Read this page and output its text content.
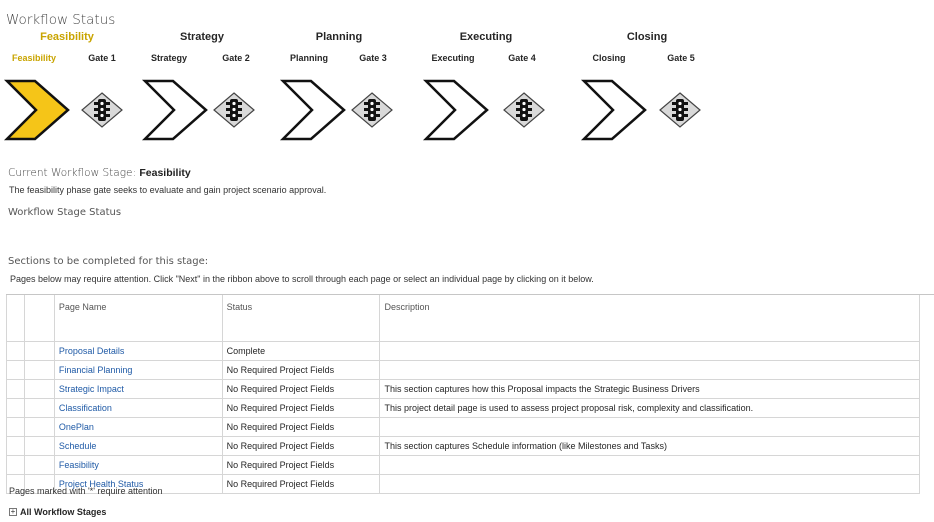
Workflow Status
Feasibility	Strategy	Planning	Executing	Closing
Feasibility	Gate 1	Strategy	Gate 2	Planning	Gate 3	Executing	Gate 4	Closing	Gate 5
Current Workflow Stage: Feasibility
The feasibility phase gate seeks to evaluate and gain project scenario approval.
Workflow Stage Status
Sections to be completed for this stage:
Pages below may require attention. Click "Next" in the ribbon above to scroll through each page or select an individual page by clicking on it below.
		Page Name	Status	Description
		Proposal Details	Complete	
		Financial Planning	No Required Project Fields	
		Strategic Impact	No Required Project Fields	This section captures how this Proposal impacts the Strategic Business Drivers
		Classification	No Required Project Fields	This project detail page is used to assess project proposal risk, complexity and classification.
		OnePlan	No Required Project Fields	
		Schedule	No Required Project Fields	This section captures Schedule information (like Milestones and Tasks)
		Feasibility	No Required Project Fields	
		Project Health Status	No Required Project Fields	
Pages marked with '*' require attention
+ All Workflow Stages
